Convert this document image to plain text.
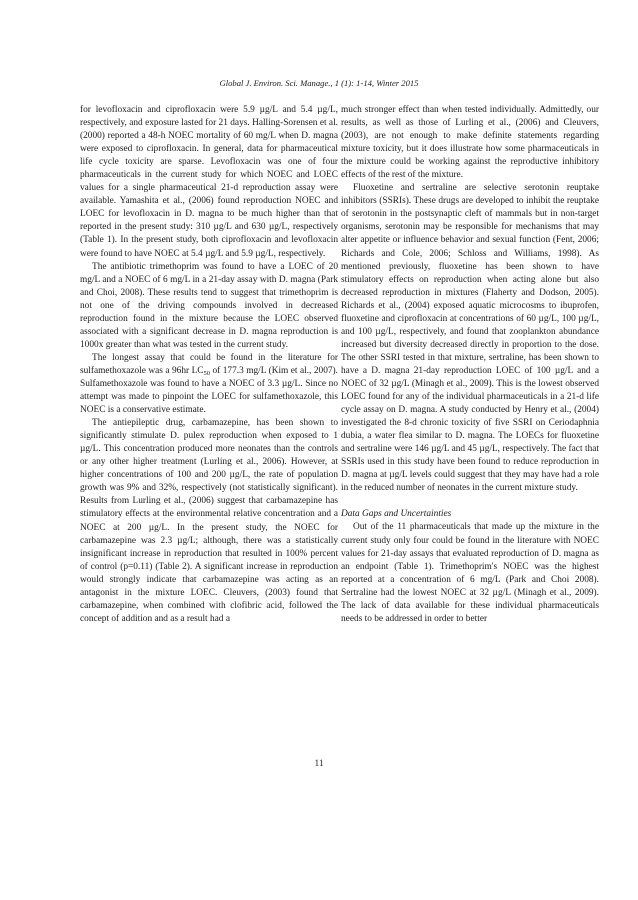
Global J. Environ. Sci. Manage., 1 (1): 1-14, Winter 2015

for levofloxacin and ciprofloxacin were 5.9 µg/L and 5.4 µg/L, respectively, and exposure lasted for 21 days. Halling-Sorensen et al. (2000) reported a 48-h NOEC mortality of 60 mg/L when D. magna were exposed to ciprofloxacin. In general, data for pharmaceutical life cycle toxicity are sparse. Levofloxacin was one of four pharmaceuticals in the current study for which NOEC and LOEC values for a single pharmaceutical 21-d reproduction assay were available. Yamashita et al., (2006) found reproduction NOEC and LOEC for levofloxacin in D. magna to be much higher than that reported in the present study: 310 µg/L and 630 µg/L, respectively (Table 1). In the present study, both ciprofloxacin and levofloxacin were found to have NOEC at 5.4 µg/L and 5.9 µg/L, respectively.

The antibiotic trimethoprim was found to have a LOEC of 20 mg/L and a NOEC of 6 mg/L in a 21-day assay with D. magna (Park and Choi, 2008). These results tend to suggest that trimethoprim is not one of the driving compounds involved in decreased reproduction found in the mixture because the LOEC observed associated with a significant decrease in D. magna reproduction is 1000x greater than what was tested in the current study.

The longest assay that could be found in the literature for sulfamethoxazole was a 96hr $LC_{50}$ of 177.3 mg/L (Kim et al., 2007). Sulfamethoxazole was found to have a NOEC of 3.3 µg/L. Since no attempt was made to pinpoint the LOEC for sulfamethoxazole, this NOEC is a conservative estimate.

The antiepileptic drug, carbamazepine, has been shown to significantly stimulate D. pulex reproduction when exposed to 1 µg/L. This concentration produced more neonates than the controls or any other higher treatment (Lurling et al., 2006). However, at higher concentrations of 100 and 200 µg/L, the rate of population growth was 9% and 32%, respectively (not statistically significant). Results from Lurling et al., (2006) suggest that carbamazepine has stimulatory effects at the environmental relative concentration and a NOEC at 200 µg/L. In the present study, the NOEC for carbamazepine was 2.3 µg/L; although, there was a statistically insignificant increase in reproduction that resulted in 100% percent of control (p=0.11) (Table 2). A significant increase in reproduction would strongly indicate that carbamazepine was acting as an antagonist in the mixture LOEC. Cleuvers, (2003) found that carbamazepine, when combined with clofibric acid, followed the concept of addition and as a result had a

much stronger effect than when tested individually. Admittedly, our results, as well as those of Lurling et al., (2006) and Cleuvers, (2003), are not enough to make definite statements regarding mixture toxicity, but it does illustrate how some pharmaceuticals in the mixture could be working against the reproductive inhibitory effects of the rest of the mixture.

Fluoxetine and sertraline are selective serotonin reuptake inhibitors (SSRIs). These drugs are developed to inhibit the reuptake of serotonin in the postsynaptic cleft of mammals but in non-target organisms, serotonin may be responsible for mechanisms that may alter appetite or influence behavior and sexual function (Fent, 2006; Richards and Cole, 2006; Schloss and Williams, 1998). As mentioned previously, fluoxetine has been shown to have stimulatory effects on reproduction when acting alone but also decreased reproduction in mixtures (Flaherty and Dodson, 2005). Richards et al., (2004) exposed aquatic microcosms to ibuprofen, fluoxetine and ciprofloxacin at concentrations of 60 µg/L, 100 µg/L, and 100 µg/L, respectively, and found that zooplankton abundance increased but diversity decreased directly in proportion to the dose. The other SSRI tested in that mixture, sertraline, has been shown to have a D. magna 21-day reproduction LOEC of 100 µg/L and a NOEC of 32 µg/L (Minagh et al., 2009). This is the lowest observed LOEC found for any of the individual pharmaceuticals in a 21-d life cycle assay on D. magna. A study conducted by Henry et al., (2004) investigated the 8-d chronic toxicity of five SSRI on Ceriodaphnia dubia, a water flea similar to D. magna. The LOECs for fluoxetine and sertraline were 146 µg/L and 45 µg/L, respectively. The fact that SSRIs used in this study have been found to reduce reproduction in D. magna at µg/L levels could suggest that they may have had a role in the reduced number of neonates in the current mixture study.

Data Gaps and Uncertainties

Out of the 11 pharmaceuticals that made up the mixture in the current study only four could be found in the literature with NOEC values for 21-day assays that evaluated reproduction of D. magna as an endpoint (Table 1). Trimethoprim's NOEC was the highest reported at a concentration of 6 mg/L (Park and Choi 2008). Sertraline had the lowest NOEC at 32 µg/L (Minagh et al., 2009). The lack of data available for these individual pharmaceuticals needs to be addressed in order to better

11
